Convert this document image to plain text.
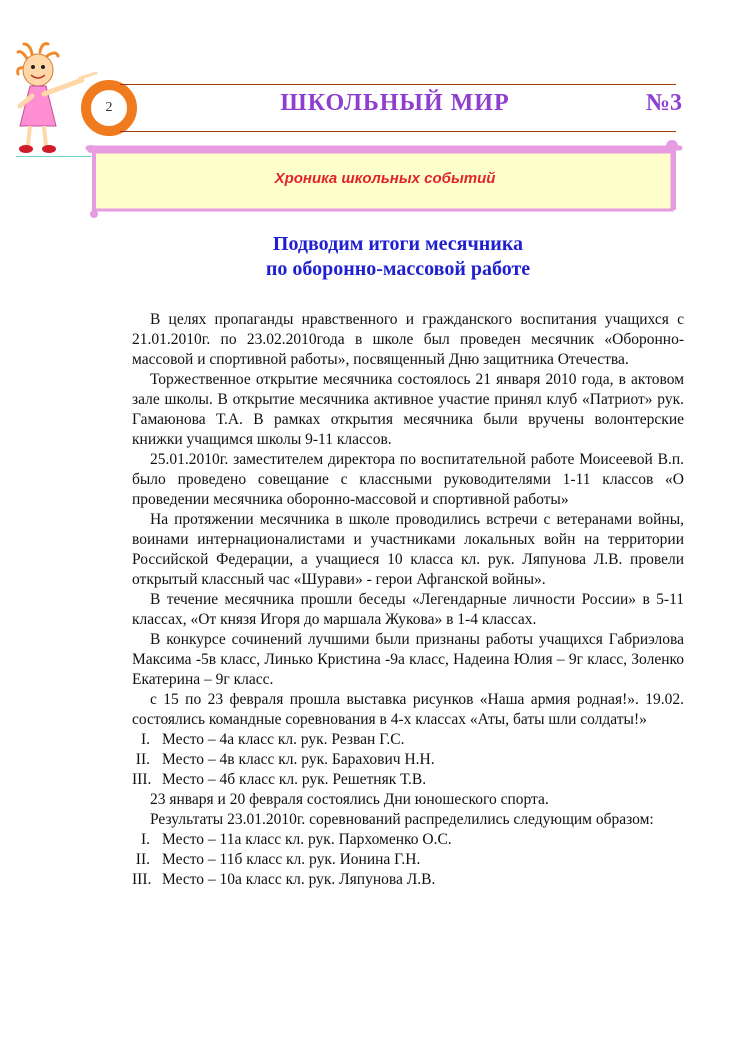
2	ШКОЛЬНЫЙ МИР	№3
Хроника школьных событий
Подводим итоги месячника
по оборонно-массовой работе

В целях пропаганды нравственного и гражданского воспитания учащихся с 21.01.2010г. по 23.02.2010года в школе был проведен месячник «Оборонно-массовой и спортивной работы», посвященный Дню защитника Отечества.

Торжественное открытие месячника состоялось 21 января 2010 года, в актовом зале школы. В открытие месячника активное участие принял клуб «Патриот» рук. Гамаюнова Т.А. В рамках открытия месячника были вручены волонтерские книжки учащимся школы 9-11 классов.

25.01.2010г. заместителем директора по воспитательной работе Моисеевой В.п. было проведено совещание с классными руководителями 1-11 классов «О проведении месячника оборонно-массовой и спортивной работы»

На протяжении месячника в школе проводились встречи с ветеранами войны, воинами интернационалистами и участниками локальных войн на территории Российской Федерации, а учащиеся 10 класса кл. рук. Ляпунова Л.В. провели открытый классный час «Шурави» - герои Афганской войны».

В течение месячника прошли беседы «Легендарные личности России» в 5-11 классах, «От князя Игоря до маршала Жукова» в 1-4 классах.

В конкурсе сочинений лучшими были признаны работы учащихся Габриэлова Максима -5в класс, Линько Кристина -9а класс, Надеина Юлия – 9г класс, Золенко Екатерина – 9г класс.

с 15 по 23 февраля прошла выставка рисунков «Наша армия родная!». 19.02. состоялись командные соревнования в 4-х классах «Аты, баты шли солдаты!»

I. Место – 4а класс кл. рук. Резван Г.С.
II. Место – 4в класс кл. рук. Барахович Н.Н.
III. Место – 4б класс кл. рук. Решетняк Т.В.

23 января и 20 февраля состоялись Дни юношеского спорта.

Результаты 23.01.2010г. соревнований распределились следующим образом:

I. Место – 11а класс кл. рук. Пархоменко О.С.
II. Место – 11б класс кл. рук. Ионина Г.Н.
III. Место – 10а класс кл. рук. Ляпунова Л.В.
